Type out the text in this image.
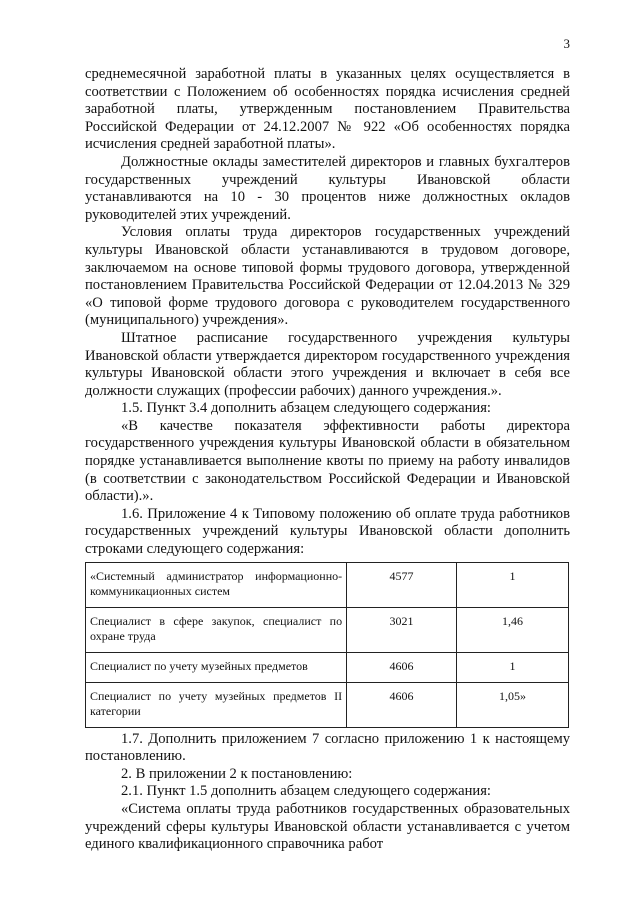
3

среднемесячной заработной платы в указанных целях осуществляется в соответствии с Положением об особенностях порядка исчисления средней заработной платы, утвержденным постановлением Правительства Российской Федерации от 24.12.2007 № 922 «Об особенностях порядка исчисления средней заработной платы».

Должностные оклады заместителей директоров и главных бухгалтеров государственных учреждений культуры Ивановской области устанавливаются на 10 - 30 процентов ниже должностных окладов руководителей этих учреждений.

Условия оплаты труда директоров государственных учреждений культуры Ивановской области устанавливаются в трудовом договоре, заключаемом на основе типовой формы трудового договора, утвержденной постановлением Правительства Российской Федерации от 12.04.2013 № 329 «О типовой форме трудового договора с руководителем государственного (муниципального) учреждения».

Штатное расписание государственного учреждения культуры Ивановской области утверждается директором государственного учреждения культуры Ивановской области этого учреждения и включает в себя все должности служащих (профессии рабочих) данного учреждения.».

1.5. Пункт 3.4 дополнить абзацем следующего содержания:

«В качестве показателя эффективности работы директора государственного учреждения культуры Ивановской области в обязательном порядке устанавливается выполнение квоты по приему на работу инвалидов (в соответствии с законодательством Российской Федерации и Ивановской области).».

1.6. Приложение 4 к Типовому положению об оплате труда работников государственных учреждений культуры Ивановской области дополнить строками следующего содержания:

«Системный администратор информационно-коммуникационных систем	4577	1
Специалист в сфере закупок, специалист по охране труда	3021	1,46
Специалист по учету музейных предметов	4606	1
Специалист по учету музейных предметов II категории	4606	1,05»

1.7. Дополнить приложением 7 согласно приложению 1 к настоящему постановлению.

2. В приложении 2 к постановлению:

2.1. Пункт 1.5 дополнить абзацем следующего содержания:

«Система оплаты труда работников государственных образовательных учреждений сферы культуры Ивановской области устанавливается с учетом единого квалификационного справочника работ
